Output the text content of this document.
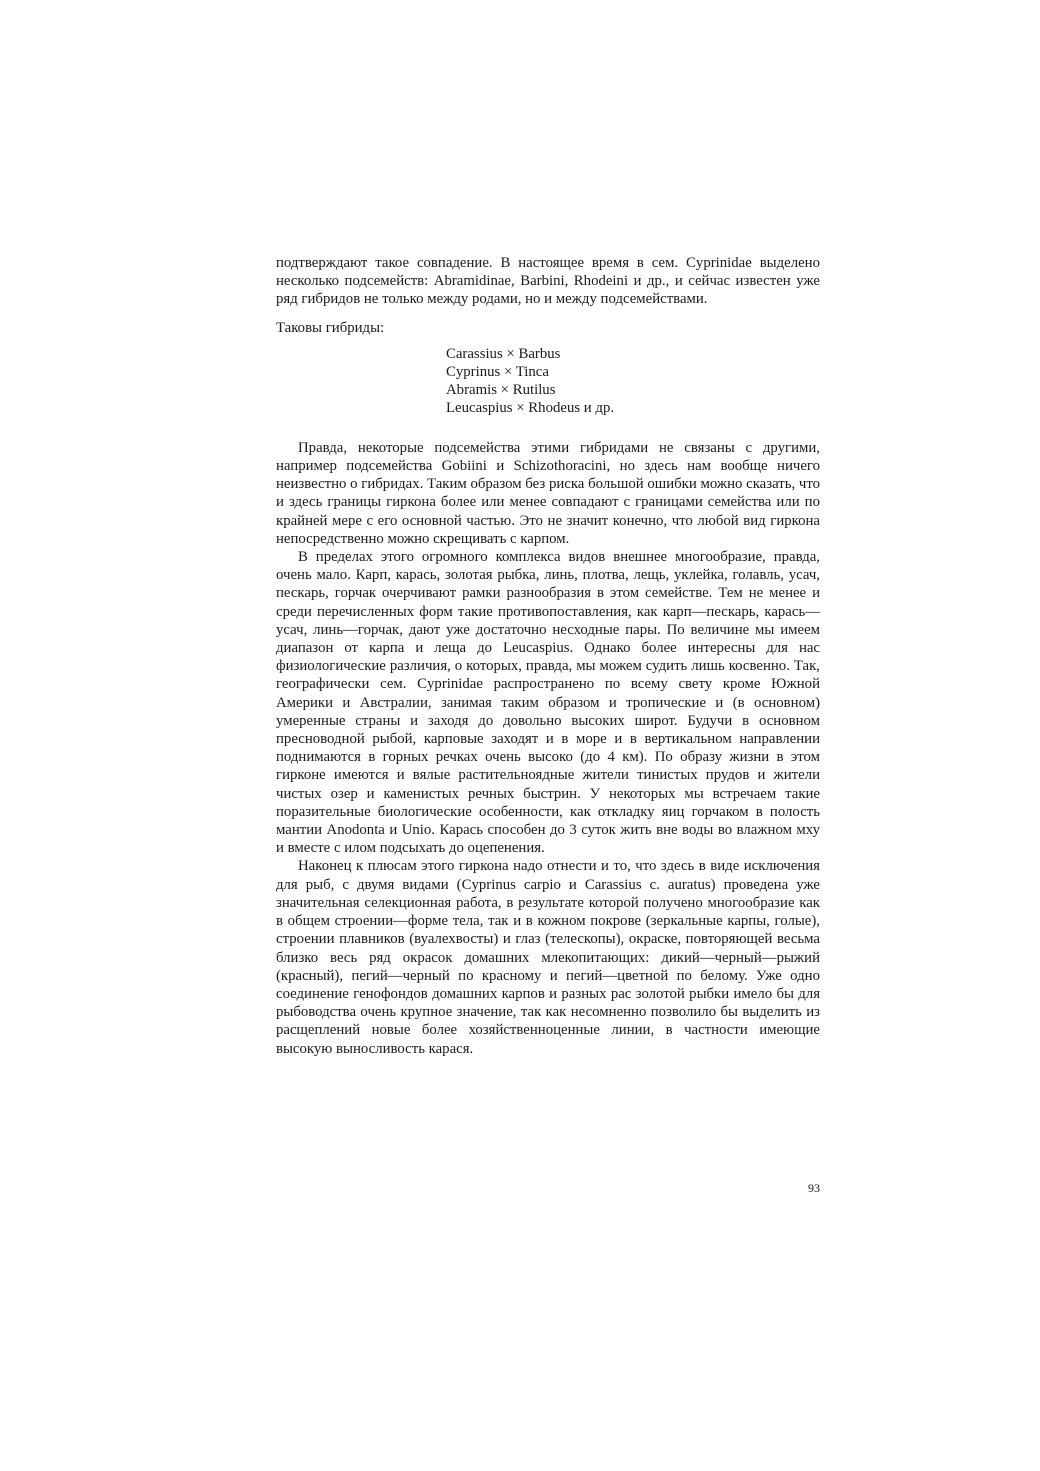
подтверждают такое совпадение. В настоящее время в сем. Cyprinidae выделено несколько подсемейств: Abramidinae, Barbini, Rhodeini и др., и сейчас известен уже ряд гибридов не только между родами, но и между подсемействами.

Таковы гибриды:

Carassius × Barbus
Cyprinus × Tinca
Abramis × Rutilus
Leucaspius × Rhodeus и др.

Правда, некоторые подсемейства этими гибридами не связаны с другими, например подсемейства Gobiini и Schizothoracini, но здесь нам вообще ничего неизвестно о гибридах. Таким образом без риска большой ошибки можно сказать, что и здесь границы гиркона более или менее совпадают с границами семейства или по крайней мере с его основной частью. Это не значит конечно, что любой вид гиркона непосредственно можно скрещивать с карпом.

В пределах этого огромного комплекса видов внешнее многообразие, правда, очень мало. Карп, карась, золотая рыбка, линь, плотва, лещь, уклейка, голавль, усач, пескарь, горчак очерчивают рамки разнообразия в этом семействе. Тем не менее и среди перечисленных форм такие противопоставления, как карп—пескарь, карась—усач, линь—горчак, дают уже достаточно несходные пары. По величине мы имеем диапазон от карпа и леща до Leucaspius. Однако более интересны для нас физиологические различия, о которых, правда, мы можем судить лишь косвенно. Так, географически сем. Cyprinidae распространено по всему свету кроме Южной Америки и Австралии, занимая таким образом и тропические и (в основном) умеренные страны и заходя до довольно высоких широт. Будучи в основном пресноводной рыбой, карповые заходят и в море и в вертикальном направлении поднимаются в горных речках очень высоко (до 4 км). По образу жизни в этом гирконе имеются и вялые растительноядные жители тинистых прудов и жители чистых озер и каменистых речных быстрин. У некоторых мы встречаем такие поразительные биологические особенности, как откладку яиц горчаком в полость мантии Anodonta и Unio. Карась способен до 3 суток жить вне воды во влажном мху и вместе с илом подсыхать до оцепенения.

Наконец к плюсам этого гиркона надо отнести и то, что здесь в виде исключения для рыб, с двумя видами (Cyprinus carpio и Carassius c. auratus) проведена уже значительная селекционная работа, в результате которой получено многообразие как в общем строении—форме тела, так и в кожном покрове (зеркальные карпы, голые), строении плавников (вуалехвосты) и глаз (телескопы), окраске, повторяющей весьма близко весь ряд окрасок домашних млекопитающих: дикий—черный—рыжий (красный), пегий—черный по красному и пегий—цветной по белому. Уже одно соединение генофондов домашних карпов и разных рас золотой рыбки имело бы для рыбоводства очень крупное значение, так как несомненно позволило бы выделить из расщеплений новые более хозяйственноценные линии, в частности имеющие высокую выносливость карася.

93
